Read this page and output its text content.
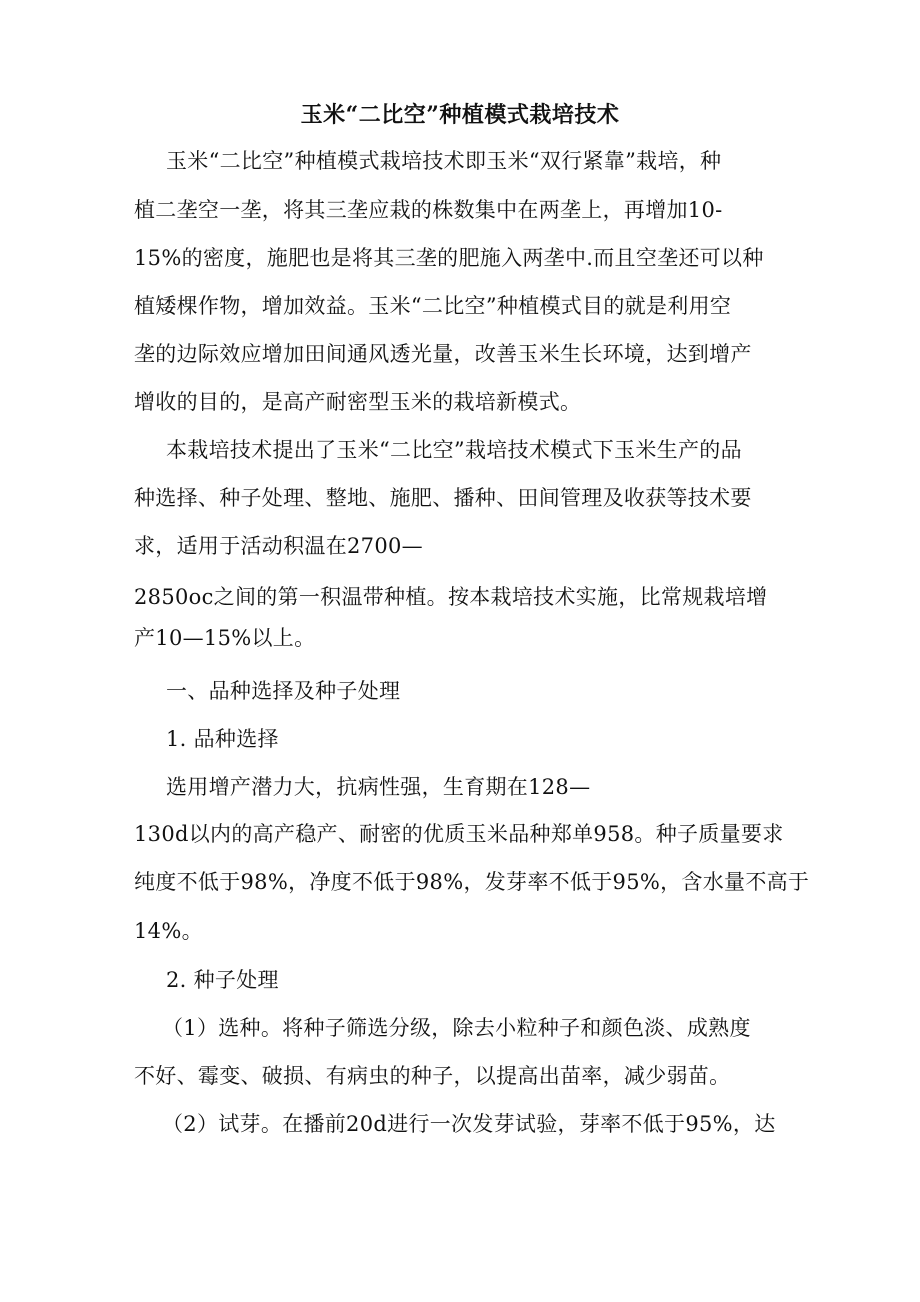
玉米“二比空”种植模式栽培技术
玉米“二比空”种植模式栽培技术即玉米“双行紧靠”栽培，种
植二垄空一垄，将其三垄应栽的株数集中在两垄上，再增加10-
15%的密度，施肥也是将其三垄的肥施入两垄中.而且空垄还可以种
植矮棵作物，增加效益。玉米“二比空”种植模式目的就是利用空
垄的边际效应增加田间通风透光量，改善玉米生长环境，达到增产
增收的目的，是高产耐密型玉米的栽培新模式。
本栽培技术提出了玉米“二比空”栽培技术模式下玉米生产的品
种选择、种子处理、整地、施肥、播种、田间管理及收获等技术要
求，适用于活动积温在2700—
2850oc之间的第一积温带种植。按本栽培技术实施，比常规栽培增
产10—15%以上。
一、品种选择及种子处理
1. 品种选择
选用增产潜力大，抗病性强，生育期在128—
130d以内的高产稳产、耐密的优质玉米品种郑单958。种子质量要求
纯度不低于98%，净度不低于98%，发芽率不低于95%，含水量不高于
14%。
2. 种子处理
（1）选种。将种子筛选分级，除去小粒种子和颜色淡、成熟度
不好、霉变、破损、有病虫的种子，以提高出苗率，减少弱苗。
（2）试芽。在播前20d进行一次发芽试验，芽率不低于95%，达
